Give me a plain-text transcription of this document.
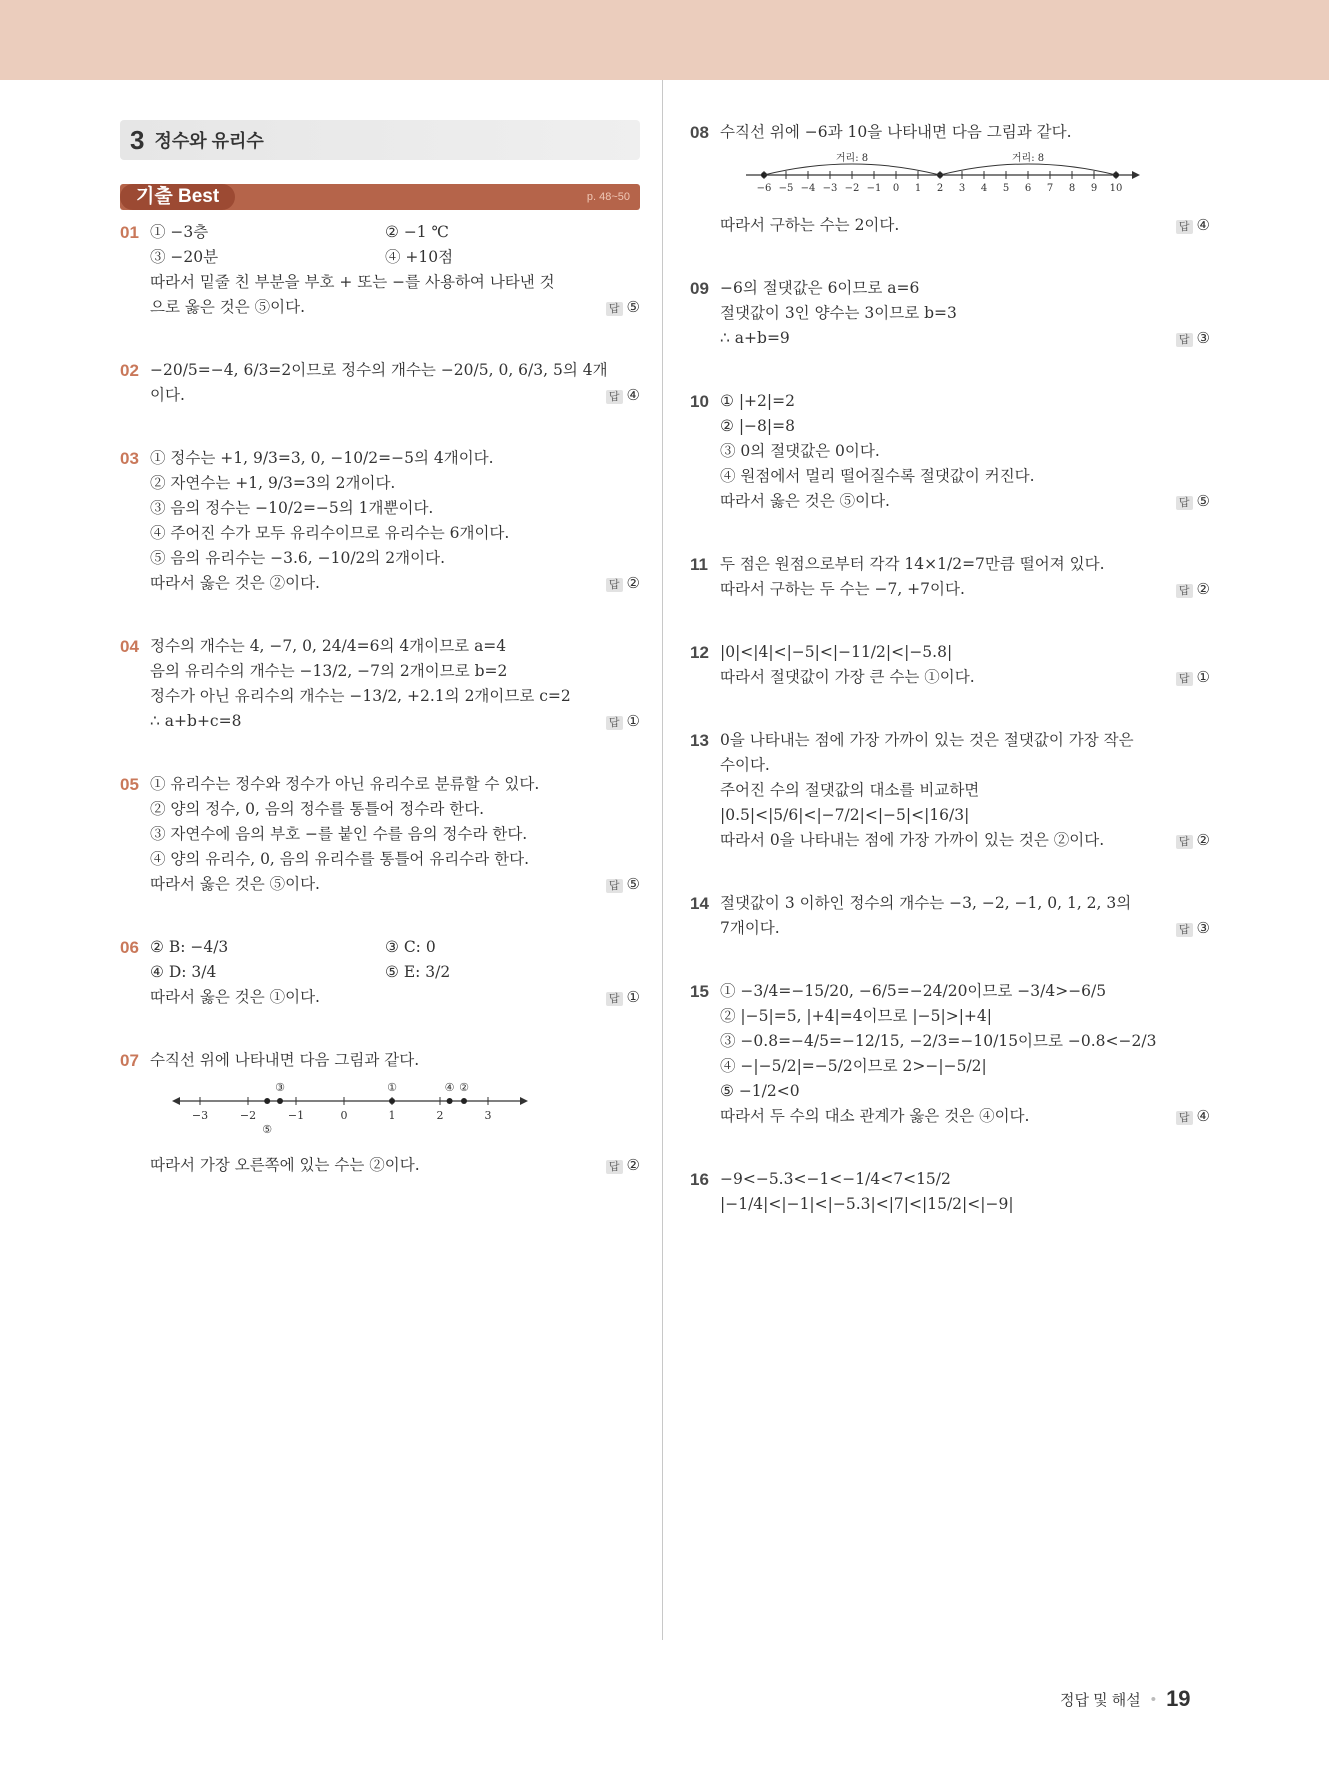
3 정수와 유리수
기출 Best	p. 48~50
01 ① −3층	② −1 ℃
③ −20분	④ +10점
따라서 밑줄 친 부분을 부호 + 또는 −를 사용하여 나타낸 것
으로 옳은 것은 ⑤이다.	답 ⑤
02 −20/5=−4, 6/3=2이므로 정수의 개수는 −20/5, 0, 6/3, 5의 4개
이다.	답 ④
03 ① 정수는 +1, 9/3=3, 0, −10/2=−5의 4개이다.
② 자연수는 +1, 9/3=3의 2개이다.
③ 음의 정수는 −10/2=−5의 1개뿐이다.
④ 주어진 수가 모두 유리수이므로 유리수는 6개이다.
⑤ 음의 유리수는 −3.6, −10/2의 2개이다.
따라서 옳은 것은 ②이다.	답 ②
04 정수의 개수는 4, −7, 0, 24/4=6의 4개이므로 a=4
음의 유리수의 개수는 −13/2, −7의 2개이므로 b=2
정수가 아닌 유리수의 개수는 −13/2, +2.1의 2개이므로 c=2
∴ a+b+c=8	답 ①
05 ① 유리수는 정수와 정수가 아닌 유리수로 분류할 수 있다.
② 양의 정수, 0, 음의 정수를 통틀어 정수라 한다.
③ 자연수에 음의 부호 −를 붙인 수를 음의 정수라 한다.
④ 양의 유리수, 0, 음의 유리수를 통틀어 유리수라 한다.
따라서 옳은 것은 ⑤이다.	답 ⑤
06 ② B: −4/3	③ C: 0
④ D: 3/4	⑤ E: 3/2
따라서 옳은 것은 ①이다.	답 ①
07 수직선 위에 나타내면 다음 그림과 같다.
−3	−2	−1	0	1	2	3
①	②
③	④
⑤
따라서 가장 오른쪽에 있는 수는 ②이다.	답 ②
08 수직선 위에 −6과 10을 나타내면 다음 그림과 같다.
−6 −5 −4 −3 −2 −1 0 1 2 3 4 5 6 7 8 9 10
거리: 8	거리: 8
따라서 구하는 수는 2이다.	답 ④
09 −6의 절댓값은 6이므로 a=6
절댓값이 3인 양수는 3이므로 b=3
∴ a+b=9	답 ③
10 ① |+2|=2
② |−8|=8
③ 0의 절댓값은 0이다.
④ 원점에서 멀리 떨어질수록 절댓값이 커진다.
따라서 옳은 것은 ⑤이다.	답 ⑤
11 두 점은 원점으로부터 각각 14×1/2=7만큼 떨어져 있다.
따라서 구하는 두 수는 −7, +7이다.	답 ②
12 |0|<|4|<|−5|<|−11/2|<|−5.8|
따라서 절댓값이 가장 큰 수는 ①이다.	답 ①
13 0을 나타내는 점에 가장 가까이 있는 것은 절댓값이 가장 작은
수이다.
주어진 수의 절댓값의 대소를 비교하면
|0.5|<|5/6|<|−7/2|<|−5|<|16/3|
따라서 0을 나타내는 점에 가장 가까이 있는 것은 ②이다.	답 ②
14 절댓값이 3 이하인 정수의 개수는 −3, −2, −1, 0, 1, 2, 3의
7개이다.	답 ③
15 ① −3/4=−15/20, −6/5=−24/20이므로 −3/4>−6/5
② |−5|=5, |+4|=4이므로 |−5|>|+4|
③ −0.8=−4/5=−12/15, −2/3=−10/15이므로 −0.8<−2/3
④ −|−5/2|=−5/2이므로 2>−|−5/2|
⑤ −1/2<0
따라서 두 수의 대소 관계가 옳은 것은 ④이다.	답 ④
16 −9<−5.3<−1<−1/4<7<15/2
|−1/4|<|−1|<|−5.3|<|7|<|15/2|<|−9|
정답 및 해설 • 19
